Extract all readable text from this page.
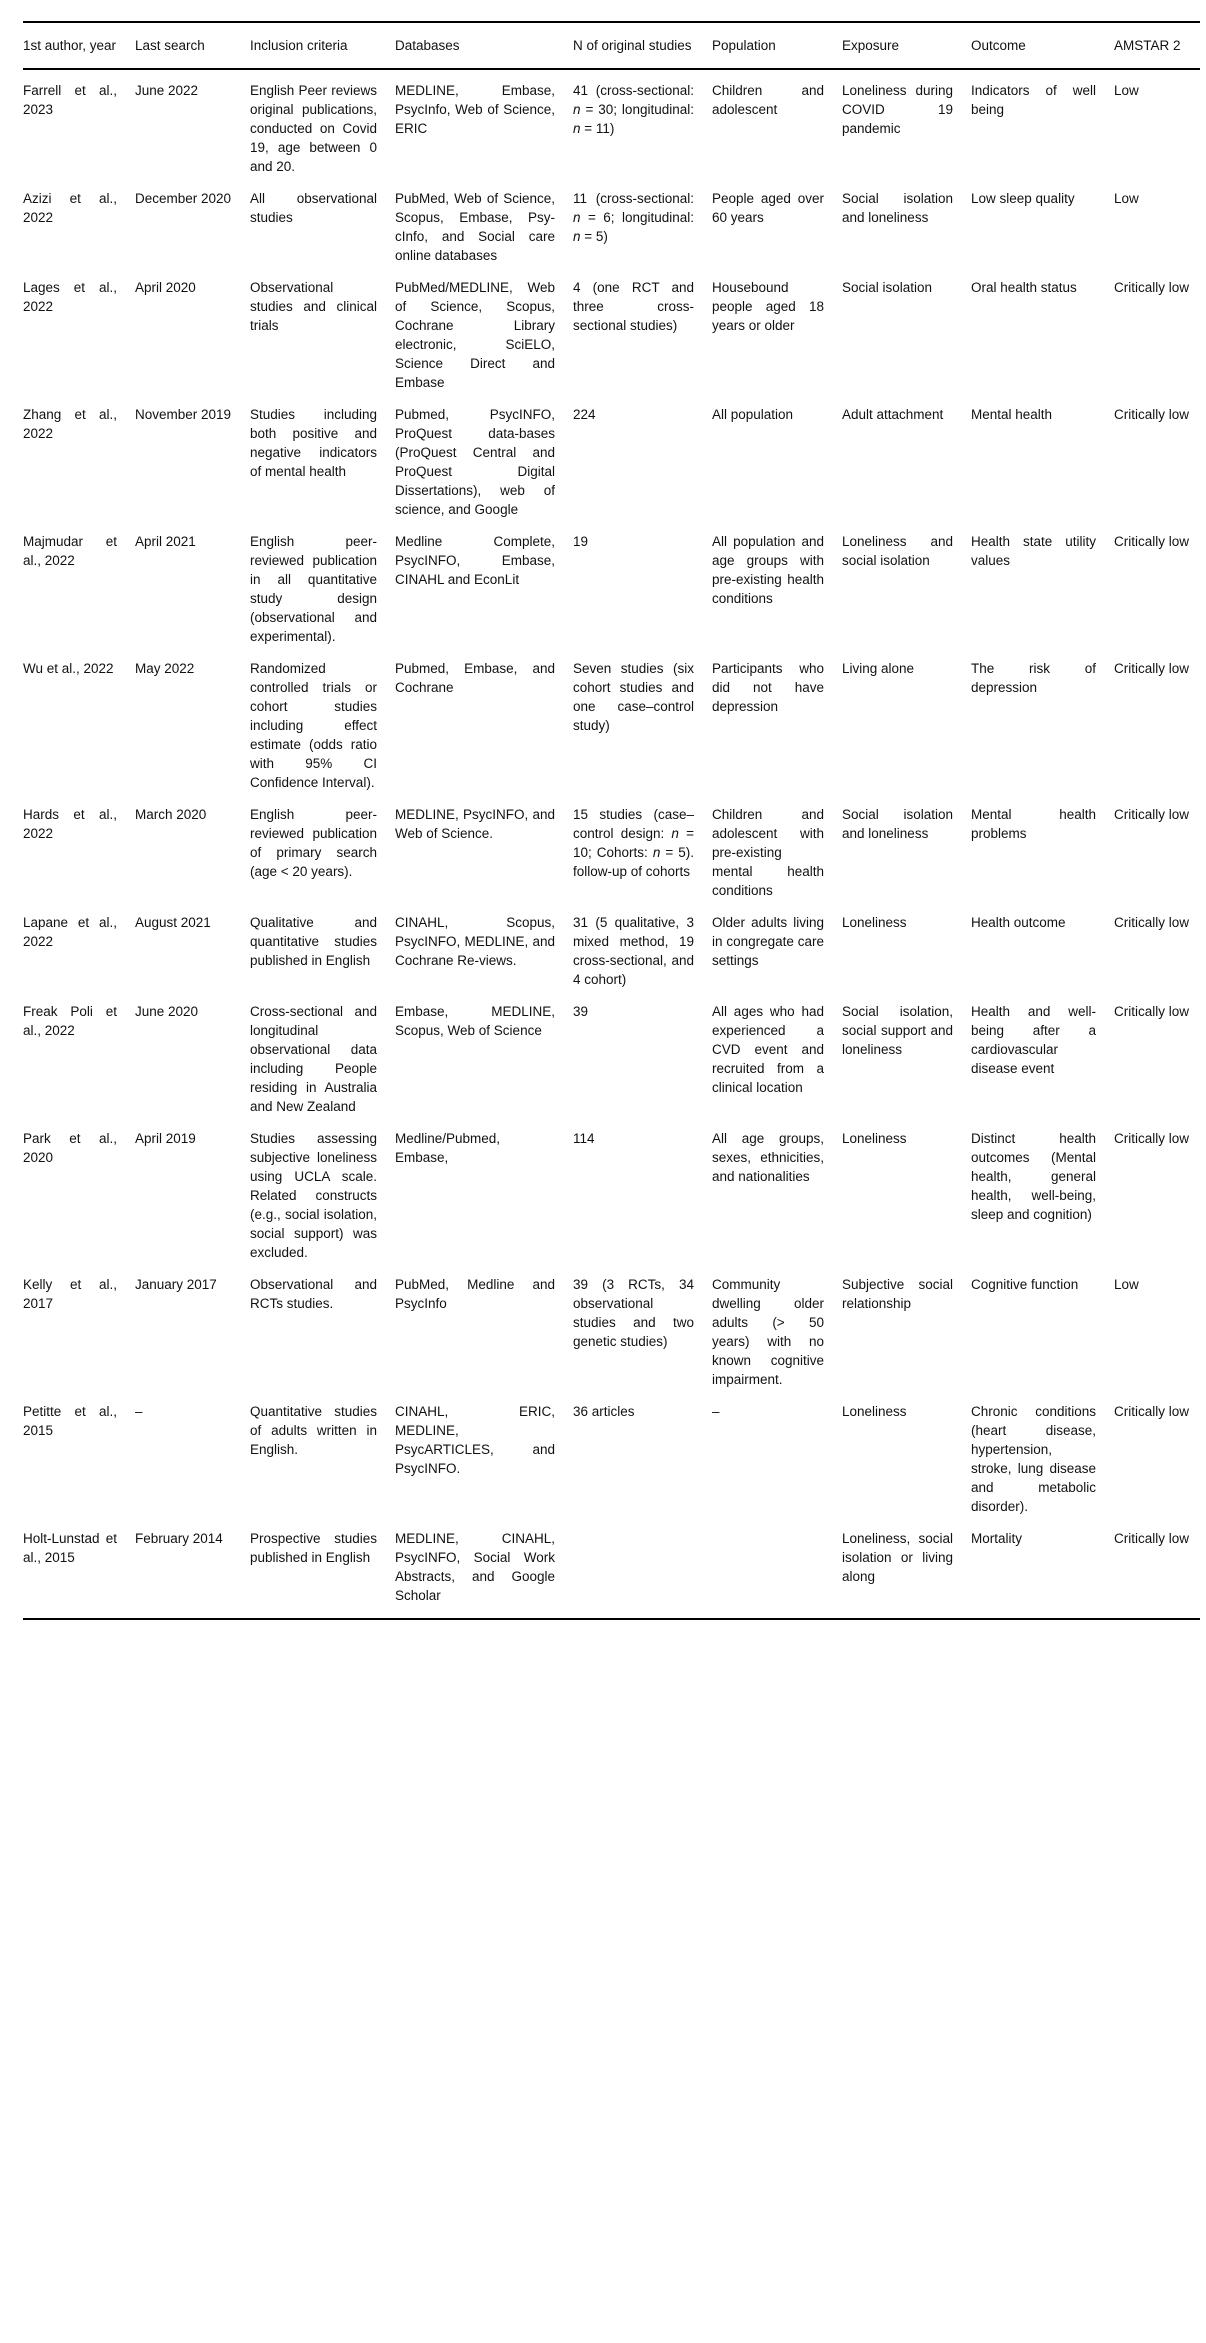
1st author, year	Last search	Inclusion criteria	Databases	N of original studies	Population	Exposure	Outcome	AMSTAR 2
Farrell et al., 2023	June 2022	English Peer reviews original publications, conducted on Covid 19, age between 0 and 20.	MEDLINE, Embase, PsycInfo, Web of Science, ERIC	41 (cross-sectional: n = 30; longitudinal: n = 11)	Children and adolescent	Loneliness during COVID 19 pandemic	Indicators of well being	Low
Azizi et al., 2022	December 2020	All observational studies	PubMed, Web of Science, Scopus, Embase, Psy-cInfo, and Social care online databases	11 (cross-sectional: n = 6; longitudinal: n = 5)	People aged over 60 years	Social isolation and loneliness	Low sleep quality	Low
Lages et al., 2022	April 2020	Observational studies and clinical trials	PubMed/MEDLINE, Web of Science, Scopus, Cochrane Library electronic, SciELO, Science Direct and Embase	4 (one RCT and three cross-sectional studies)	Housebound people aged 18 years or older	Social isolation	Oral health status	Critically low
Zhang et al., 2022	November 2019	Studies including both positive and negative indicators of mental health	Pubmed, PsycINFO, ProQuest data-bases (ProQuest Central and ProQuest Digital Dissertations), web of science, and Google	224	All population	Adult attachment	Mental health	Critically low
Majmudar et al., 2022	April 2021	English peer-reviewed publication in all quantitative study design (observational and experimental).	Medline Complete, PsycINFO, Embase, CINAHL and EconLit	19	All population and age groups with pre-existing health conditions	Loneliness and social isolation	Health state utility values	Critically low
Wu et al., 2022	May 2022	Randomized controlled trials or cohort studies including effect estimate (odds ratio with 95% CI Confidence Interval).	Pubmed, Embase, and Cochrane	Seven studies (six cohort studies and one case–control study)	Participants who did not have depression	Living alone	The risk of depression	Critically low
Hards et al., 2022	March 2020	English peer-reviewed publication of primary search (age < 20 years).	MEDLINE, PsycINFO, and Web of Science.	15 studies (case–control design: n = 10; Cohorts: n = 5). follow-up of cohorts	Children and adolescent with pre-existing mental health conditions	Social isolation and loneliness	Mental health problems	Critically low
Lapane et al., 2022	August 2021	Qualitative and quantitative studies published in English	CINAHL, Scopus, PsycINFO, MEDLINE, and Cochrane Re-views.	31 (5 qualitative, 3 mixed method, 19 cross-sectional, and 4 cohort)	Older adults living in congregate care settings	Loneliness	Health outcome	Critically low
Freak Poli et al., 2022	June 2020	Cross-sectional and longitudinal observational data including People residing in Australia and New Zealand	Embase, MEDLINE, Scopus, Web of Science	39	All ages who had experienced a CVD event and recruited from a clinical location	Social isolation, social support and loneliness	Health and well-being after a cardiovascular disease event	Critically low
Park et al., 2020	April 2019	Studies assessing subjective loneliness using UCLA scale. Related constructs (e.g., social isolation, social support) was excluded.	Medline/Pubmed, Embase,	114	All age groups, sexes, ethnicities, and nationalities	Loneliness	Distinct health outcomes (Mental health, general health, well-being, sleep and cognition)	Critically low
Kelly et al., 2017	January 2017	Observational and RCTs studies.	PubMed, Medline and PsycInfo	39 (3 RCTs, 34 observational studies and two genetic studies)	Community dwelling older adults (> 50 years) with no known cognitive impairment.	Subjective social relationship	Cognitive function	Low
Petitte et al., 2015	–	Quantitative studies of adults written in English.	CINAHL, ERIC, MEDLINE, PsycARTICLES, and PsycINFO.	36 articles	–	Loneliness	Chronic conditions (heart disease, hypertension, stroke, lung disease and metabolic disorder).	Critically low
Holt-Lunstad et al., 2015	February 2014	Prospective studies published in English	MEDLINE, CINAHL, PsycINFO, Social Work Abstracts, and Google Scholar			Loneliness, social isolation or living along	Mortality	Critically low
